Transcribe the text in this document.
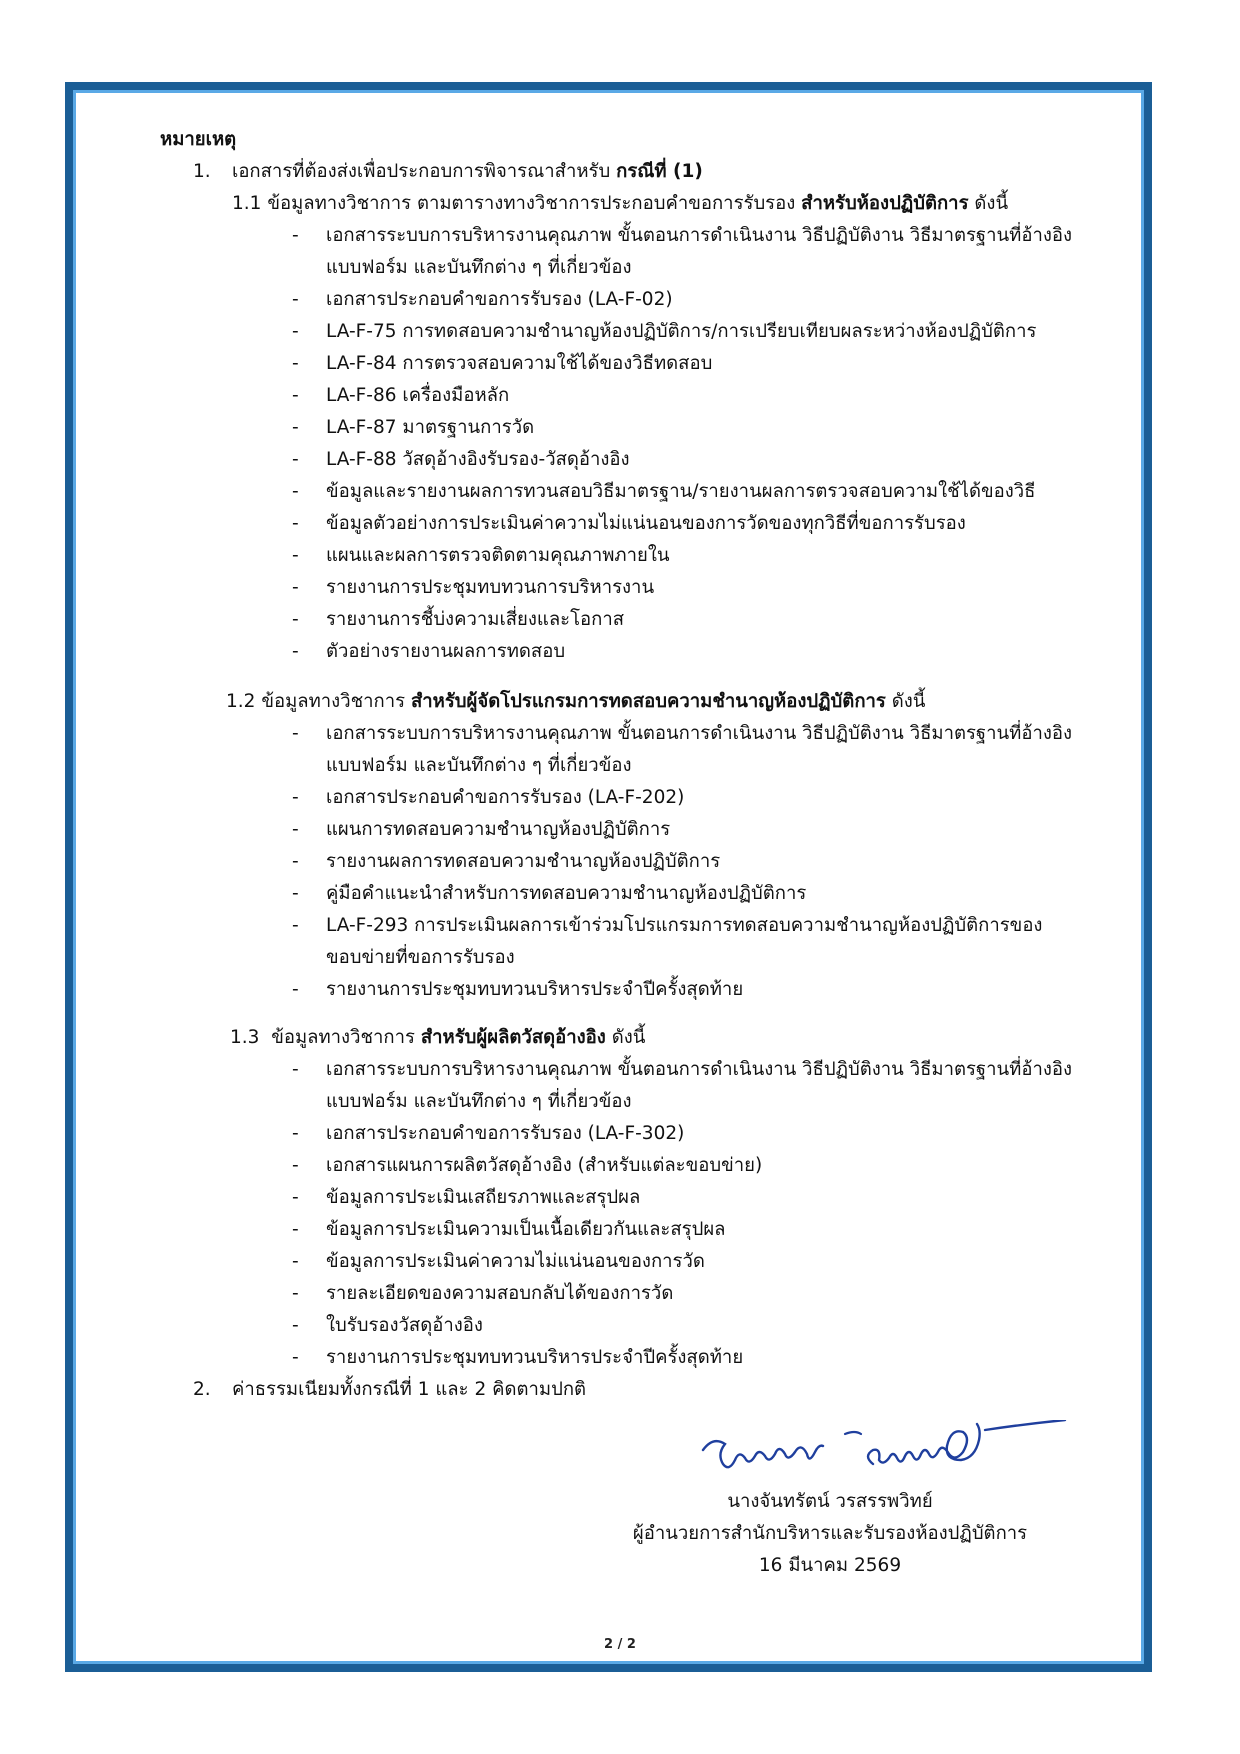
หมายเหตุ
1. เอกสารที่ต้องส่งเพื่อประกอบการพิจารณาสำหรับ กรณีที่ (1)
1.1 ข้อมูลทางวิชาการ ตามตารางทางวิชาการประกอบคำขอการรับรอง สำหรับห้องปฏิบัติการ ดังนี้
- เอกสารระบบการบริหารงานคุณภาพ ขั้นตอนการดำเนินงาน วิธีปฏิบัติงาน วิธีมาตรฐานที่อ้างอิง
แบบฟอร์ม และบันทึกต่าง ๆ ที่เกี่ยวข้อง
- เอกสารประกอบคำขอการรับรอง (LA-F-02)
- LA-F-75 การทดสอบความชำนาญห้องปฏิบัติการ/การเปรียบเทียบผลระหว่างห้องปฏิบัติการ
- LA-F-84 การตรวจสอบความใช้ได้ของวิธีทดสอบ
- LA-F-86 เครื่องมือหลัก
- LA-F-87 มาตรฐานการวัด
- LA-F-88 วัสดุอ้างอิงรับรอง-วัสดุอ้างอิง
- ข้อมูลและรายงานผลการทวนสอบวิธีมาตรฐาน/รายงานผลการตรวจสอบความใช้ได้ของวิธี
- ข้อมูลตัวอย่างการประเมินค่าความไม่แน่นอนของการวัดของทุกวิธีที่ขอการรับรอง
- แผนและผลการตรวจติดตามคุณภาพภายใน
- รายงานการประชุมทบทวนการบริหารงาน
- รายงานการชี้บ่งความเสี่ยงและโอกาส
- ตัวอย่างรายงานผลการทดสอบ
1.2 ข้อมูลทางวิชาการ สำหรับผู้จัดโปรแกรมการทดสอบความชำนาญห้องปฏิบัติการ ดังนี้
- เอกสารระบบการบริหารงานคุณภาพ ขั้นตอนการดำเนินงาน วิธีปฏิบัติงาน วิธีมาตรฐานที่อ้างอิง
แบบฟอร์ม และบันทึกต่าง ๆ ที่เกี่ยวข้อง
- เอกสารประกอบคำขอการรับรอง (LA-F-202)
- แผนการทดสอบความชำนาญห้องปฏิบัติการ
- รายงานผลการทดสอบความชำนาญห้องปฏิบัติการ
- คู่มือคำแนะนำสำหรับการทดสอบความชำนาญห้องปฏิบัติการ
- LA-F-293 การประเมินผลการเข้าร่วมโปรแกรมการทดสอบความชำนาญห้องปฏิบัติการของ
ขอบข่ายที่ขอการรับรอง
- รายงานการประชุมทบทวนบริหารประจำปีครั้งสุดท้าย
1.3 ข้อมูลทางวิชาการ สำหรับผู้ผลิตวัสดุอ้างอิง ดังนี้
- เอกสารระบบการบริหารงานคุณภาพ ขั้นตอนการดำเนินงาน วิธีปฏิบัติงาน วิธีมาตรฐานที่อ้างอิง
แบบฟอร์ม และบันทึกต่าง ๆ ที่เกี่ยวข้อง
- เอกสารประกอบคำขอการรับรอง (LA-F-302)
- เอกสารแผนการผลิตวัสดุอ้างอิง (สำหรับแต่ละขอบข่าย)
- ข้อมูลการประเมินเสถียรภาพและสรุปผล
- ข้อมูลการประเมินความเป็นเนื้อเดียวกันและสรุปผล
- ข้อมูลการประเมินค่าความไม่แน่นอนของการวัด
- รายละเอียดของความสอบกลับได้ของการวัด
- ใบรับรองวัสดุอ้างอิง
- รายงานการประชุมทบทวนบริหารประจำปีครั้งสุดท้าย
2. ค่าธรรมเนียมทั้งกรณีที่ 1 และ 2 คิดตามปกติ
นางจันทรัตน์ วรสรรพวิทย์
ผู้อำนวยการสำนักบริหารและรับรองห้องปฏิบัติการ
16 มีนาคม 2569
2 / 2
